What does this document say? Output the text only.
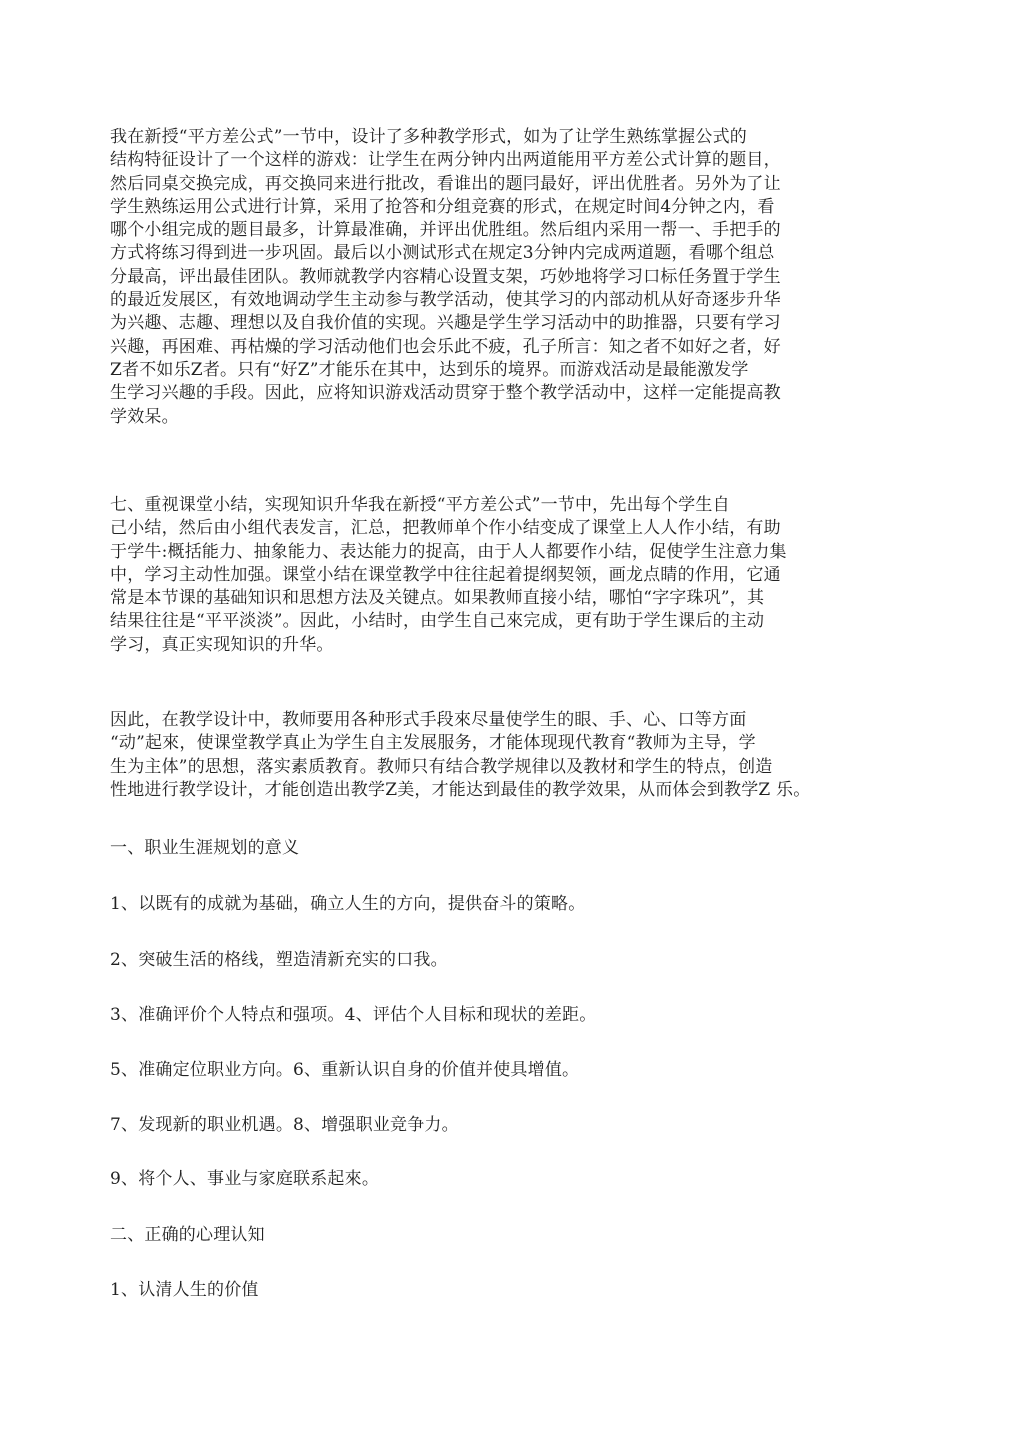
我在新授“平方差公式”一节中，设计了多种教学形式，如为了让学生熟练掌握公式的
结构特征设计了一个这样的游戏：让学生在两分钟内出两道能用平方差公式计算的题目，
然后同桌交换完成，再交换同来进行批改，看谁出的题冃最好，评出优胜者。另外为了让
学生熟练运用公式进行计算，采用了抢答和分组竞赛的形式，在规定时间4分钟之内，看
哪个小组完成的题目最多，计算最准确，并评出优胜组。然后组内采用一帮一、手把手的
方式将练习得到进一步巩固。最后以小测试形式在规定3分钟内完成两道题，看哪个组总
分最高，评出最佳团队。教师就教学内容精心设置支架，巧妙地将学习口标任务置于学生
的最近发展区，有效地调动学生主动参与教学活动，使其学习的内部动机从好奇逐步升华
为兴趣、志趣、理想以及自我价值的实现。兴趣是学生学习活动中的助推器，只要有学习
兴趣，再困难、再枯燥的学习活动他们也会乐此不疲，孔子所言：知之者不如好之者，好
Z者不如乐Z者。只有“好Z”才能乐在其中，达到乐的境界。而游戏活动是最能激发学
生学习兴趣的手段。因此，应将知识游戏活动贯穿于整个教学活动中，这样一定能提高教
学效呆。
七、重视课堂小结，实现知识升华我在新授“平方差公式”一节中，先出每个学生自
己小结，然后由小组代表发言，汇总，把教师单个作小结变成了课堂上人人作小结，有助
于学牛:概括能力、抽象能力、表达能力的捉高，由于人人都要作小结，促使学生注意力集
中，学习主动性加强。课堂小结在课堂教学中往往起着提纲契领，画龙点睛的作用，它通
常是本节课的基础知识和思想方法及关键点。如果教师直接小结，哪怕“字字珠巩”，其
结果往往是“平平淡淡”。因此，小结时，由学生自己來完成，更有助于学生课后的主动
学习，真正实现知识的升华。
因此，在教学设计中，教师要用各种形式手段來尽量使学生的眼、手、心、口等方面
“动”起來，使课堂教学真止为学生自主发展服务，才能体现现代教育“教师为主导，学
生为主体”的思想，落实素质教育。教师只有结合教学规律以及教材和学生的特点，创造
性地进行教学设计，才能创造出教学Z美，才能达到最佳的教学效果，从而体会到教学Z 乐。
一、职业生涯规划的意义
1、以既有的成就为基础，确立人生的方向，提供奋斗的策略。
2、突破生活的格线，塑造清新充实的口我。
3、准确评价个人特点和强项。4、评估个人目标和现状的差距。
5、准确定位职业方向。6、重新认识自身的价值并使具增值。
7、发现新的职业机遇。8、增强职业竞争力。
9、将个人、事业与家庭联系起來。
二、正确的心理认知
1、认清人生的价值
